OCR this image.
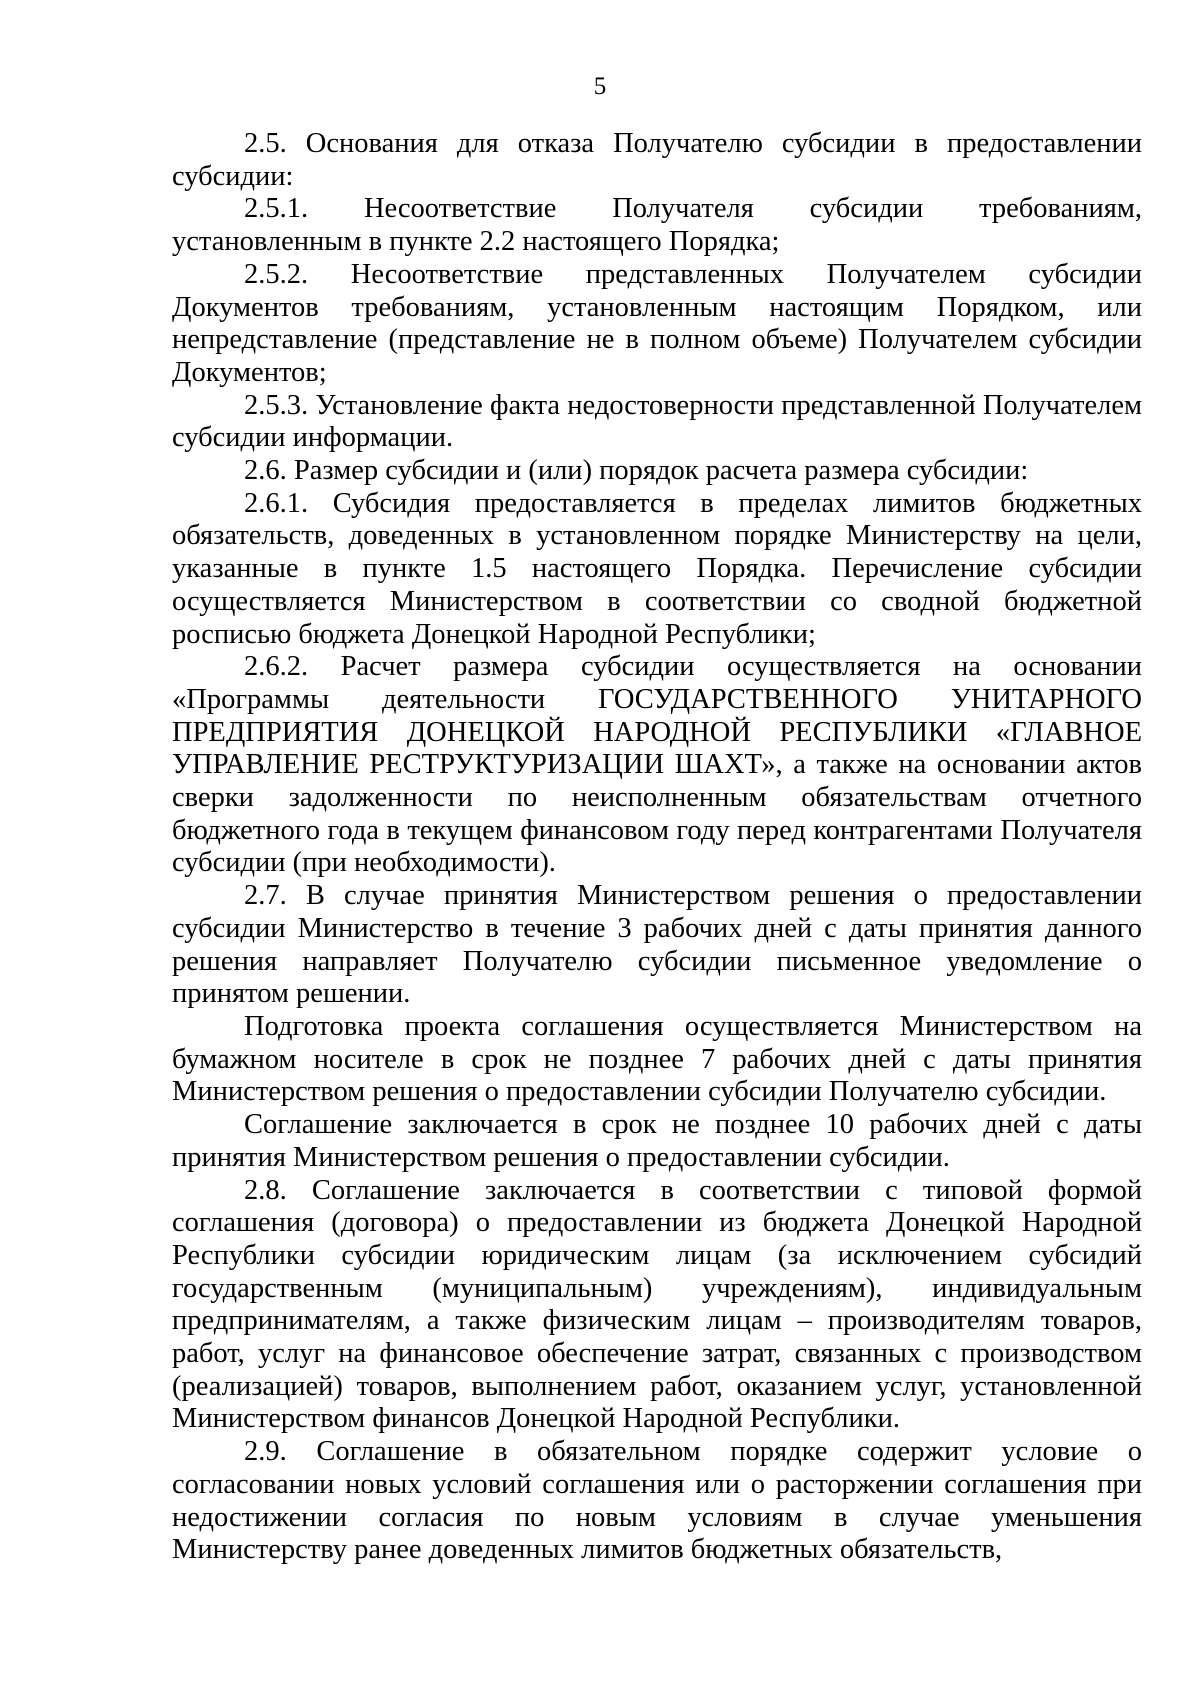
5

2.5. Основания для отказа Получателю субсидии в предоставлении субсидии:

2.5.1. Несоответствие Получателя субсидии требованиям, установленным в пункте 2.2 настоящего Порядка;

2.5.2. Несоответствие представленных Получателем субсидии Документов требованиям, установленным настоящим Порядком, или непредставление (представление не в полном объеме) Получателем субсидии Документов;

2.5.3. Установление факта недостоверности представленной Получателем субсидии информации.

2.6. Размер субсидии и (или) порядок расчета размера субсидии:

2.6.1. Субсидия предоставляется в пределах лимитов бюджетных обязательств, доведенных в установленном порядке Министерству на цели, указанные в пункте 1.5 настоящего Порядка. Перечисление субсидии осуществляется Министерством в соответствии со сводной бюджетной росписью бюджета Донецкой Народной Республики;

2.6.2. Расчет размера субсидии осуществляется на основании «Программы деятельности ГОСУДАРСТВЕННОГО УНИТАРНОГО ПРЕДПРИЯТИЯ ДОНЕЦКОЙ НАРОДНОЙ РЕСПУБЛИКИ «ГЛАВНОЕ УПРАВЛЕНИЕ РЕСТРУКТУРИЗАЦИИ ШАХТ», а также на основании актов сверки задолженности по неисполненным обязательствам отчетного бюджетного года в текущем финансовом году перед контрагентами Получателя субсидии (при необходимости).

2.7. В случае принятия Министерством решения о предоставлении субсидии Министерство в течение 3 рабочих дней с даты принятия данного решения направляет Получателю субсидии письменное уведомление о принятом решении.

Подготовка проекта соглашения осуществляется Министерством на бумажном носителе в срок не позднее 7 рабочих дней с даты принятия Министерством решения о предоставлении субсидии Получателю субсидии.

Соглашение заключается в срок не позднее 10 рабочих дней с даты принятия Министерством решения о предоставлении субсидии.

2.8. Соглашение заключается в соответствии с типовой формой соглашения (договора) о предоставлении из бюджета Донецкой Народной Республики субсидии юридическим лицам (за исключением субсидий государственным (муниципальным) учреждениям), индивидуальным предпринимателям, а также физическим лицам – производителям товаров, работ, услуг на финансовое обеспечение затрат, связанных с производством (реализацией) товаров, выполнением работ, оказанием услуг, установленной Министерством финансов Донецкой Народной Республики.

2.9. Соглашение в обязательном порядке содержит условие о согласовании новых условий соглашения или о расторжении соглашения при недостижении согласия по новым условиям в случае уменьшения Министерству ранее доведенных лимитов бюджетных обязательств,
